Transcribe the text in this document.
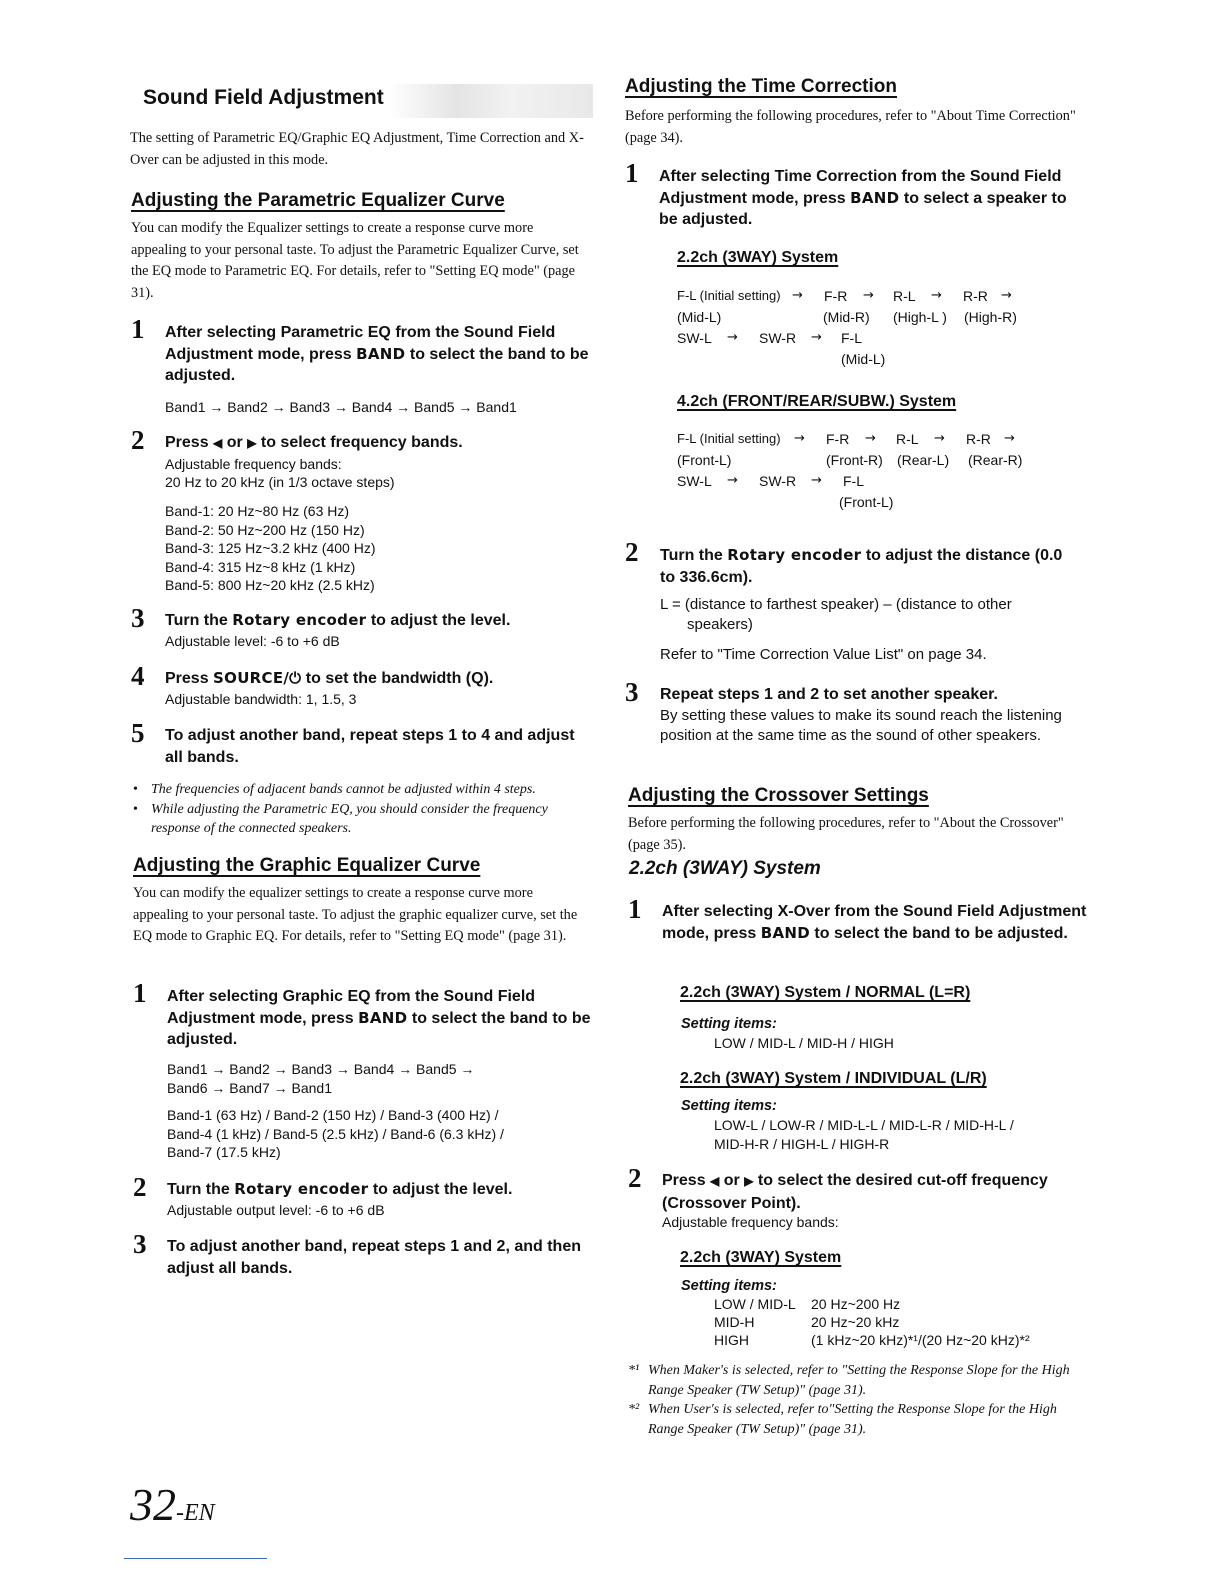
Sound Field Adjustment
The setting of Parametric EQ/Graphic EQ Adjustment, Time Correction and X-Over can be adjusted in this mode.
Adjusting the Parametric Equalizer Curve
You can modify the Equalizer settings to create a response curve more appealing to your personal taste. To adjust the Parametric Equalizer Curve, set the EQ mode to Parametric EQ. For details, refer to "Setting EQ mode" (page 31).
1 After selecting Parametric EQ from the Sound Field Adjustment mode, press BAND to select the band to be adjusted.
Band1 → Band2 → Band3 → Band4 → Band5 → Band1
2 Press ◀ or ▶ to select frequency bands.
Adjustable frequency bands:
20 Hz to 20 kHz (in 1/3 octave steps)
Band-1: 20 Hz~80 Hz (63 Hz)
Band-2: 50 Hz~200 Hz (150 Hz)
Band-3: 125 Hz~3.2 kHz (400 Hz)
Band-4: 315 Hz~8 kHz (1 kHz)
Band-5: 800 Hz~20 kHz (2.5 kHz)
3 Turn the Rotary encoder to adjust the level.
Adjustable level: -6 to +6 dB
4 Press SOURCE/⏻ to set the bandwidth (Q).
Adjustable bandwidth: 1, 1.5, 3
5 To adjust another band, repeat steps 1 to 4 and adjust all bands.
• The frequencies of adjacent bands cannot be adjusted within 4 steps.
• While adjusting the Parametric EQ, you should consider the frequency response of the connected speakers.
Adjusting the Graphic Equalizer Curve
You can modify the equalizer settings to create a response curve more appealing to your personal taste. To adjust the graphic equalizer curve, set the EQ mode to Graphic EQ. For details, refer to "Setting EQ mode" (page 31).
1 After selecting Graphic EQ from the Sound Field Adjustment mode, press BAND to select the band to be adjusted.
Band1 → Band2 → Band3 → Band4 → Band5 →
Band6 → Band7 → Band1
Band-1 (63 Hz) / Band-2 (150 Hz) / Band-3 (400 Hz) /
Band-4 (1 kHz) / Band-5 (2.5 kHz) / Band-6 (6.3 kHz) /
Band-7 (17.5 kHz)
2 Turn the Rotary encoder to adjust the level.
Adjustable output level: -6 to +6 dB
3 To adjust another band, repeat steps 1 and 2, and then adjust all bands.
32-EN
Adjusting the Time Correction
Before performing the following procedures, refer to "About Time Correction" (page 34).
1 After selecting Time Correction from the Sound Field Adjustment mode, press BAND to select a speaker to be adjusted.
2.2ch (3WAY) System
F-L (Initial setting) → F-R → R-L → R-R →
(Mid-L)	(Mid-R) (High-L ) (High-R)
SW-L → SW-R → F-L
(Mid-L)
4.2ch (FRONT/REAR/SUBW.) System
F-L (Initial setting) → F-R → R-L → R-R →
(Front-L)	(Front-R) (Rear-L) (Rear-R)
SW-L → SW-R → F-L
(Front-L)
2 Turn the Rotary encoder to adjust the distance (0.0 to 336.6cm).
L = (distance to farthest speaker) – (distance to other
speakers)
Refer to "Time Correction Value List" on page 34.
3 Repeat steps 1 and 2 to set another speaker.
By setting these values to make its sound reach the listening position at the same time as the sound of other speakers.
Adjusting the Crossover Settings
Before performing the following procedures, refer to "About the Crossover" (page 35).
2.2ch (3WAY) System
1 After selecting X-Over from the Sound Field Adjustment mode, press BAND to select the band to be adjusted.
2.2ch (3WAY) System / NORMAL (L=R)
Setting items:
LOW / MID-L / MID-H / HIGH
2.2ch (3WAY) System / INDIVIDUAL (L/R)
Setting items:
LOW-L / LOW-R / MID-L-L / MID-L-R / MID-H-L /
MID-H-R / HIGH-L / HIGH-R
2 Press ◀ or ▶ to select the desired cut-off frequency (Crossover Point).
Adjustable frequency bands:
2.2ch (3WAY) System
Setting items:
LOW / MID-L 20 Hz~200 Hz
MID-H	20 Hz~20 kHz
HIGH	(1 kHz~20 kHz)*¹/(20 Hz~20 kHz)*²
*¹ When Maker's is selected, refer to "Setting the Response Slope for the High Range Speaker (TW Setup)" (page 31).
*² When User's is selected, refer to"Setting the Response Slope for the High Range Speaker (TW Setup)" (page 31).
